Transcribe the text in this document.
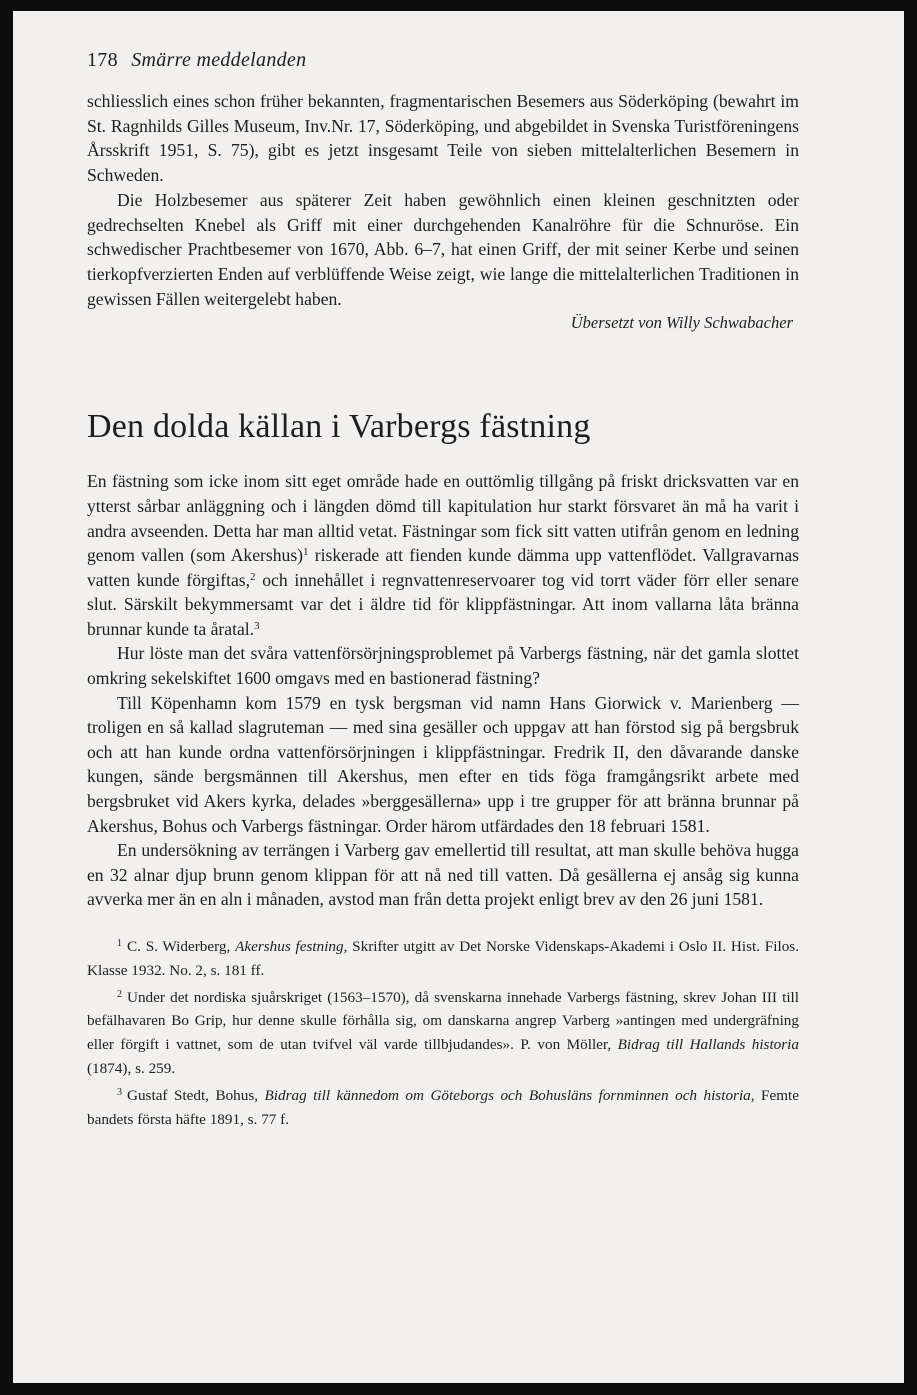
178 Smärre meddelanden

schliesslich eines schon früher bekannten, fragmentarischen Besemers aus Söderköping (bewahrt im St. Ragnhilds Gilles Museum, Inv.Nr. 17, Söderköping, und abgebildet in Svenska Turistföreningens Årsskrift 1951, S. 75), gibt es jetzt insgesamt Teile von sieben mittelalterlichen Besemern in Schweden.

Die Holzbesemer aus späterer Zeit haben gewöhnlich einen kleinen geschnitzten oder gedrechselten Knebel als Griff mit einer durchgehenden Kanalröhre für die Schnuröse. Ein schwedischer Prachtbesemer von 1670, Abb. 6–7, hat einen Griff, der mit seiner Kerbe und seinen tierkopfverzierten Enden auf verblüffende Weise zeigt, wie lange die mittelalterlichen Traditionen in gewissen Fällen weitergelebt haben.

Übersetzt von Willy Schwabacher

Den dolda källan i Varbergs fästning

En fästning som icke inom sitt eget område hade en outtömlig tillgång på friskt dricksvatten var en ytterst sårbar anläggning och i längden dömd till kapitulation hur starkt försvaret än må ha varit i andra avseenden. Detta har man alltid vetat. Fästningar som fick sitt vatten utifrån genom en ledning genom vallen (som Akershus)$^1$ riskerade att fienden kunde dämma upp vattenflödet. Vallgravarnas vatten kunde förgiftas,$^2$ och innehållet i regnvattenreservoarer tog vid torrt väder förr eller senare slut. Särskilt bekymmersamt var det i äldre tid för klippfästningar. Att inom vallarna låta bränna brunnar kunde ta åratal.$^3$

Hur löste man det svåra vattenförsörjningsproblemet på Varbergs fästning, när det gamla slottet omkring sekelskiftet 1600 omgavs med en bastionerad fästning?

Till Köpenhamn kom 1579 en tysk bergsman vid namn Hans Giorwick v. Marienberg — troligen en så kallad slagruteman — med sina gesäller och uppgav att han förstod sig på bergsbruk och att han kunde ordna vattenförsörjningen i klippfästningar. Fredrik II, den dåvarande danske kungen, sände bergsmännen till Akershus, men efter en tids föga framgångsrikt arbete med bergsbruket vid Akers kyrka, delades »berggesällerna» upp i tre grupper för att bränna brunnar på Akershus, Bohus och Varbergs fästningar. Order härom utfärdades den 18 februari 1581.

En undersökning av terrängen i Varberg gav emellertid till resultat, att man skulle behöva hugga en 32 alnar djup brunn genom klippan för att nå ned till vatten. Då gesällerna ej ansåg sig kunna avverka mer än en aln i månaden, avstod man från detta projekt enligt brev av den 26 juni 1581.

$^1$ C. S. Widerberg, Akershus festning, Skrifter utgitt av Det Norske Videnskaps-Akademi i Oslo II. Hist. Filos. Klasse 1932. No. 2, s. 181 ff.

$^2$ Under det nordiska sjuårskriget (1563–1570), då svenskarna innehade Varbergs fästning, skrev Johan III till befälhavaren Bo Grip, hur denne skulle förhålla sig, om danskarna angrep Varberg »antingen med undergräfning eller förgift i vattnet, som de utan tvifvel väl varde tillbjudandes». P. von Möller, Bidrag till Hallands historia (1874), s. 259.

$^3$ Gustaf Stedt, Bohus, Bidrag till kännedom om Göteborgs och Bohusläns fornminnen och historia, Femte bandets första häfte 1891, s. 77 f.
